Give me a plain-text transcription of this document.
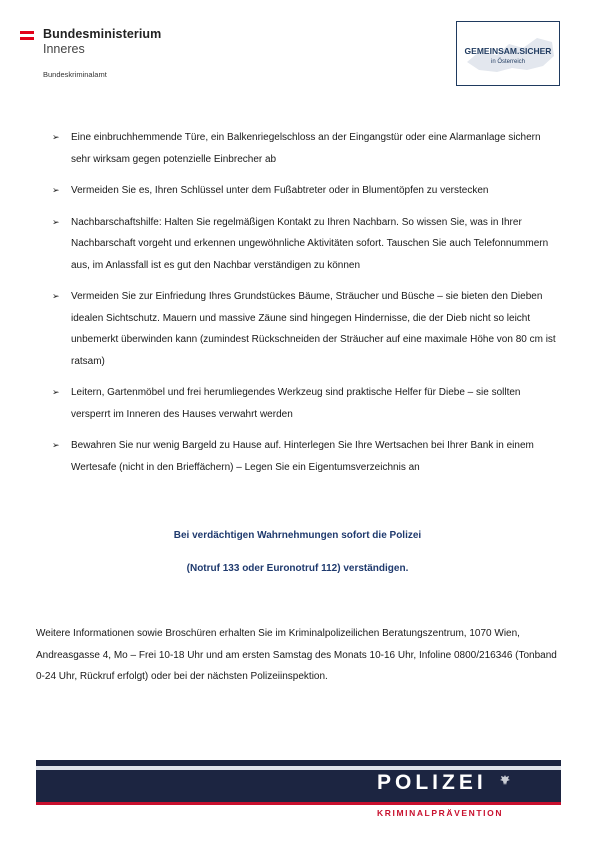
Bundesministerium
Inneres
Bundeskriminalamt
GEMEINSAM.SICHER
in Österreich
➢ Eine einbruchhemmende Türe, ein Balkenriegelschloss an der Eingangstür oder eine Alarmanlage sichern sehr wirksam gegen potenzielle Einbrecher ab
➢ Vermeiden Sie es, Ihren Schlüssel unter dem Fußabtreter oder in Blumentöpfen zu verstecken
➢ Nachbarschaftshilfe: Halten Sie regelmäßigen Kontakt zu Ihren Nachbarn. So wissen Sie, was in Ihrer Nachbarschaft vorgeht und erkennen ungewöhnliche Aktivitäten sofort. Tauschen Sie auch Telefonnummern aus, im Anlassfall ist es gut den Nachbar verständigen zu können
➢ Vermeiden Sie zur Einfriedung Ihres Grundstückes Bäume, Sträucher und Büsche – sie bieten den Dieben idealen Sichtschutz. Mauern und massive Zäune sind hingegen Hindernisse, die der Dieb nicht so leicht unbemerkt überwinden kann (zumindest Rückschneiden der Sträucher auf eine maximale Höhe von 80 cm ist ratsam)
➢ Leitern, Gartenmöbel und frei herumliegendes Werkzeug sind praktische Helfer für Diebe – sie sollten versperrt im Inneren des Hauses verwahrt werden
➢ Bewahren Sie nur wenig Bargeld zu Hause auf. Hinterlegen Sie Ihre Wertsachen bei Ihrer Bank in einem Wertesafe (nicht in den Brieffächern) – Legen Sie ein Eigentumsverzeichnis an
Bei verdächtigen Wahrnehmungen sofort die Polizei
(Notruf 133 oder Euronotruf 112) verständigen.
Weitere Informationen sowie Broschüren erhalten Sie im Kriminalpolizeilichen Beratungszentrum, 1070 Wien, Andreasgasse 4, Mo – Frei 10-18 Uhr und am ersten Samstag des Monats 10-16 Uhr, Infoline 0800/216346 (Tonband 0-24 Uhr, Rückruf erfolgt) oder bei der nächsten Polizeiinspektion.
POLIZEI
KRIMINALPRÄVENTION
